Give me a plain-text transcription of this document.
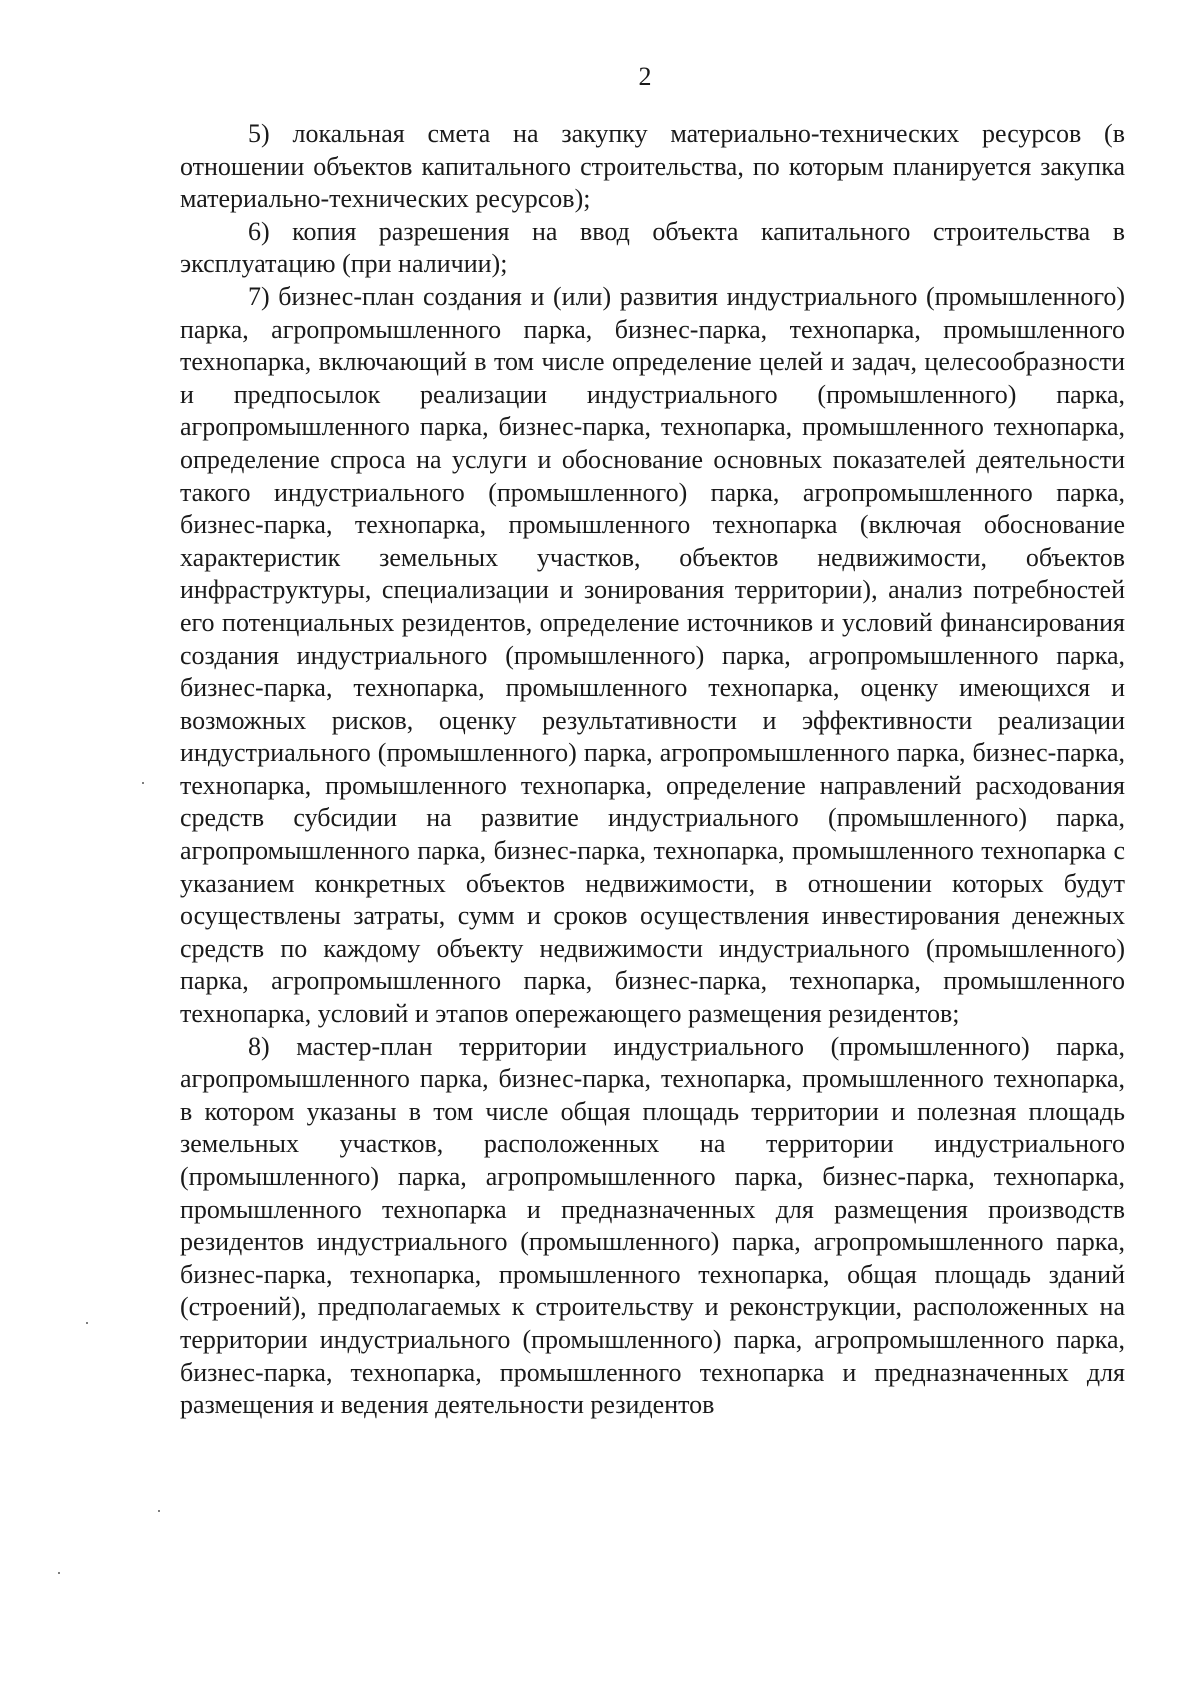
2

5) локальная смета на закупку материально-технических ресурсов (в отношении объектов капитального строительства, по которым планируется закупка материально-технических ресурсов);

6) копия разрешения на ввод объекта капитального строительства в эксплуатацию (при наличии);

7) бизнес-план создания и (или) развития индустриального (промышленного) парка, агропромышленного парка, бизнес-парка, технопарка, промышленного технопарка, включающий в том числе определение целей и задач, целесообразности и предпосылок реализации индустриального (промышленного) парка, агропромышленного парка, бизнес-парка, технопарка, промышленного технопарка, определение спроса на услуги и обоснование основных показателей деятельности такого индустриального (промышленного) парка, агропромышленного парка, бизнес-парка, технопарка, промышленного технопарка (включая обоснование характеристик земельных участков, объектов недвижимости, объектов инфраструктуры, специализации и зонирования территории), анализ потребностей его потенциальных резидентов, определение источников и условий финансирования создания индустриального (промышленного) парка, агропромышленного парка, бизнес-парка, технопарка, промышленного технопарка, оценку имеющихся и возможных рисков, оценку результативности и эффективности реализации индустриального (промышленного) парка, агропромышленного парка, бизнес-парка, технопарка, промышленного технопарка, определение направлений расходования средств субсидии на развитие индустриального (промышленного) парка, агропромышленного парка, бизнес-парка, технопарка, промышленного технопарка с указанием конкретных объектов недвижимости, в отношении которых будут осуществлены затраты, сумм и сроков осуществления инвестирования денежных средств по каждому объекту недвижимости индустриального (промышленного) парка, агропромышленного парка, бизнес-парка, технопарка, промышленного технопарка, условий и этапов опережающего размещения резидентов;

8) мастер-план территории индустриального (промышленного) парка, агропромышленного парка, бизнес-парка, технопарка, промышленного технопарка, в котором указаны в том числе общая площадь территории и полезная площадь земельных участков, расположенных на территории индустриального (промышленного) парка, агропромышленного парка, бизнес-парка, технопарка, промышленного технопарка и предназначенных для размещения производств резидентов индустриального (промышленного) парка, агропромышленного парка, бизнес-парка, технопарка, промышленного технопарка, общая площадь зданий (строений), предполагаемых к строительству и реконструкции, расположенных на территории индустриального (промышленного) парка, агропромышленного парка, бизнес-парка, технопарка, промышленного технопарка и предназначенных для размещения и ведения деятельности резидентов
